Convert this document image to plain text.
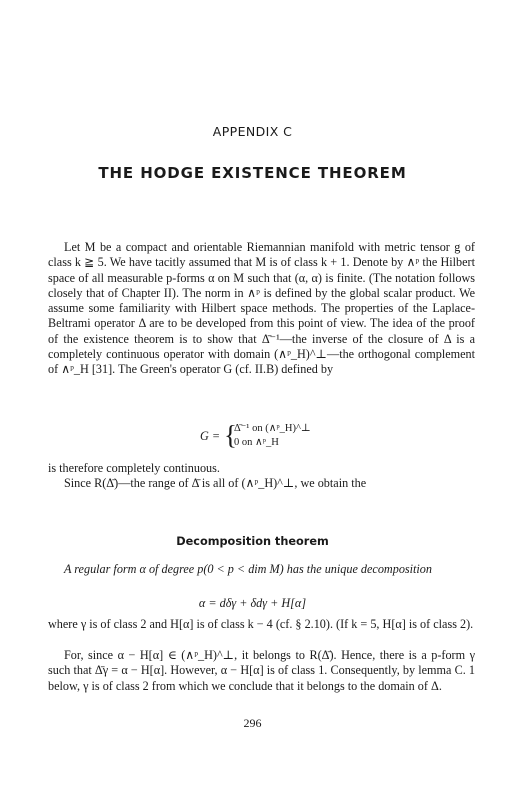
APPENDIX C
THE HODGE EXISTENCE THEOREM
Let M be a compact and orientable Riemannian manifold with metric tensor g of class k ≧ 5. We have tacitly assumed that M is of class k + 1. Denote by ∧ᵖ the Hilbert space of all measurable p-forms α on M such that (α, α) is finite. (The notation follows closely that of Chapter II). The norm in ∧ᵖ is defined by the global scalar product. We assume some familiarity with Hilbert space methods. The properties of the Laplace-Beltrami operator Δ are to be developed from this point of view. The idea of the proof of the existence theorem is to show that Δ̄⁻¹—the inverse of the closure of Δ is a completely continuous operator with domain (∧ᵖ_H)^⊥—the orthogonal complement of ∧ᵖ_H [31]. The Green's operator G (cf. II.B) defined by
G = {
Δ̄⁻¹ on (∧ᵖ_H)^⊥
0 on ∧ᵖ_H
is therefore completely continuous.
Since R(Δ̄)—the range of Δ̄ is all of (∧ᵖ_H)^⊥, we obtain the
Decomposition theorem
A regular form α of degree p(0 < p < dim M) has the unique decomposition
α = dδγ + δdγ + H[α]
where γ is of class 2 and H[α] is of class k − 4 (cf. § 2.10). (If k = 5, H[α] is of class 2).
For, since α − H[α] ∈ (∧ᵖ_H)^⊥, it belongs to R(Δ̄). Hence, there is a p-form γ such that Δ̄γ = α − H[α]. However, α − H[α] is of class 1. Consequently, by lemma C. 1 below, γ is of class 2 from which we conclude that it belongs to the domain of Δ.
296
